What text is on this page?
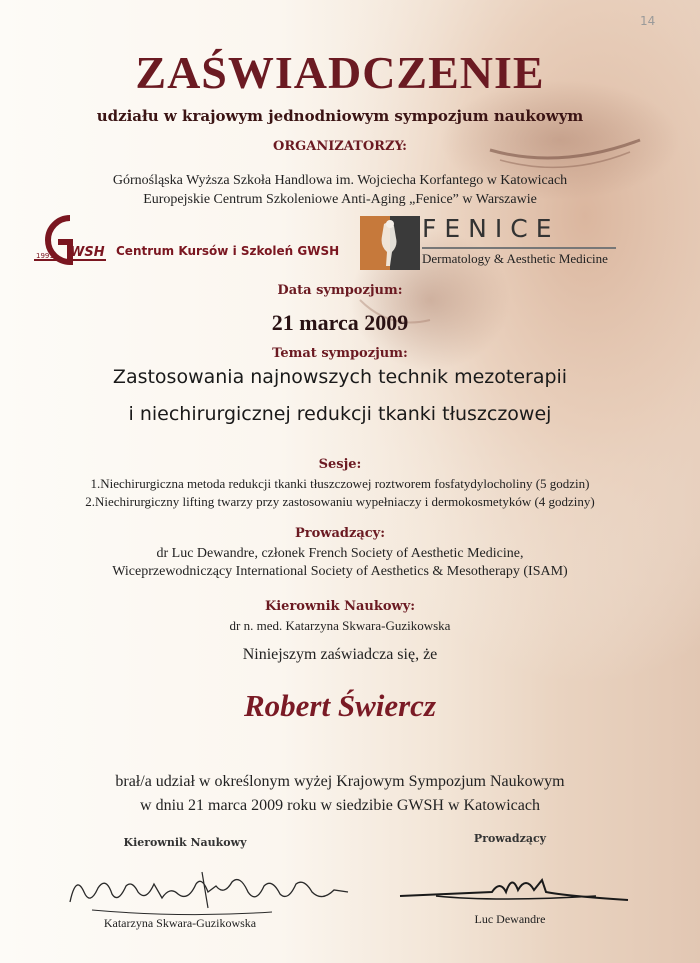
14

ZAŚWIADCZENIE

udziału w krajowym jednodniowym sympozjum naukowym

ORGANIZATORZY:

Górnośląska Wyższa Szkoła Handlowa im. Wojciecha Korfantego w Katowicach

Europejskie Centrum Szkoleniowe Anti-Aging „Fenice” w Warszawie

1991 WSH Centrum Kursów i Szkoleń GWSH

FENICE

Dermatology & Aesthetic Medicine

Data sympozjum:

21 marca 2009

Temat sympozjum:

Zastosowania najnowszych technik mezoterapii

i niechirurgicznej redukcji tkanki tłuszczowej

Sesje:

1.Niechirurgiczna metoda redukcji tkanki tłuszczowej roztworem fosfatydylocholiny (5 godzin)

2.Niechirurgiczny lifting twarzy przy zastosowaniu wypełniaczy i dermokosmetyków (4 godziny)

Prowadzący:

dr Luc Dewandre, członek French Society of Aesthetic Medicine,

Wiceprzewodniczący International Society of Aesthetics & Mesotherapy (ISAM)

Kierownik Naukowy:

dr n. med. Katarzyna Skwara-Guzikowska

Niniejszym zaświadcza się, że

Robert Świercz

brał/a udział w określonym wyżej Krajowym Sympozjum Naukowym

w dniu 21 marca 2009 roku w siedzibie GWSH w Katowicach

Kierownik Naukowy	Prowadzący

Katarzyna Skwara-Guzikowska	Luc Dewandre
